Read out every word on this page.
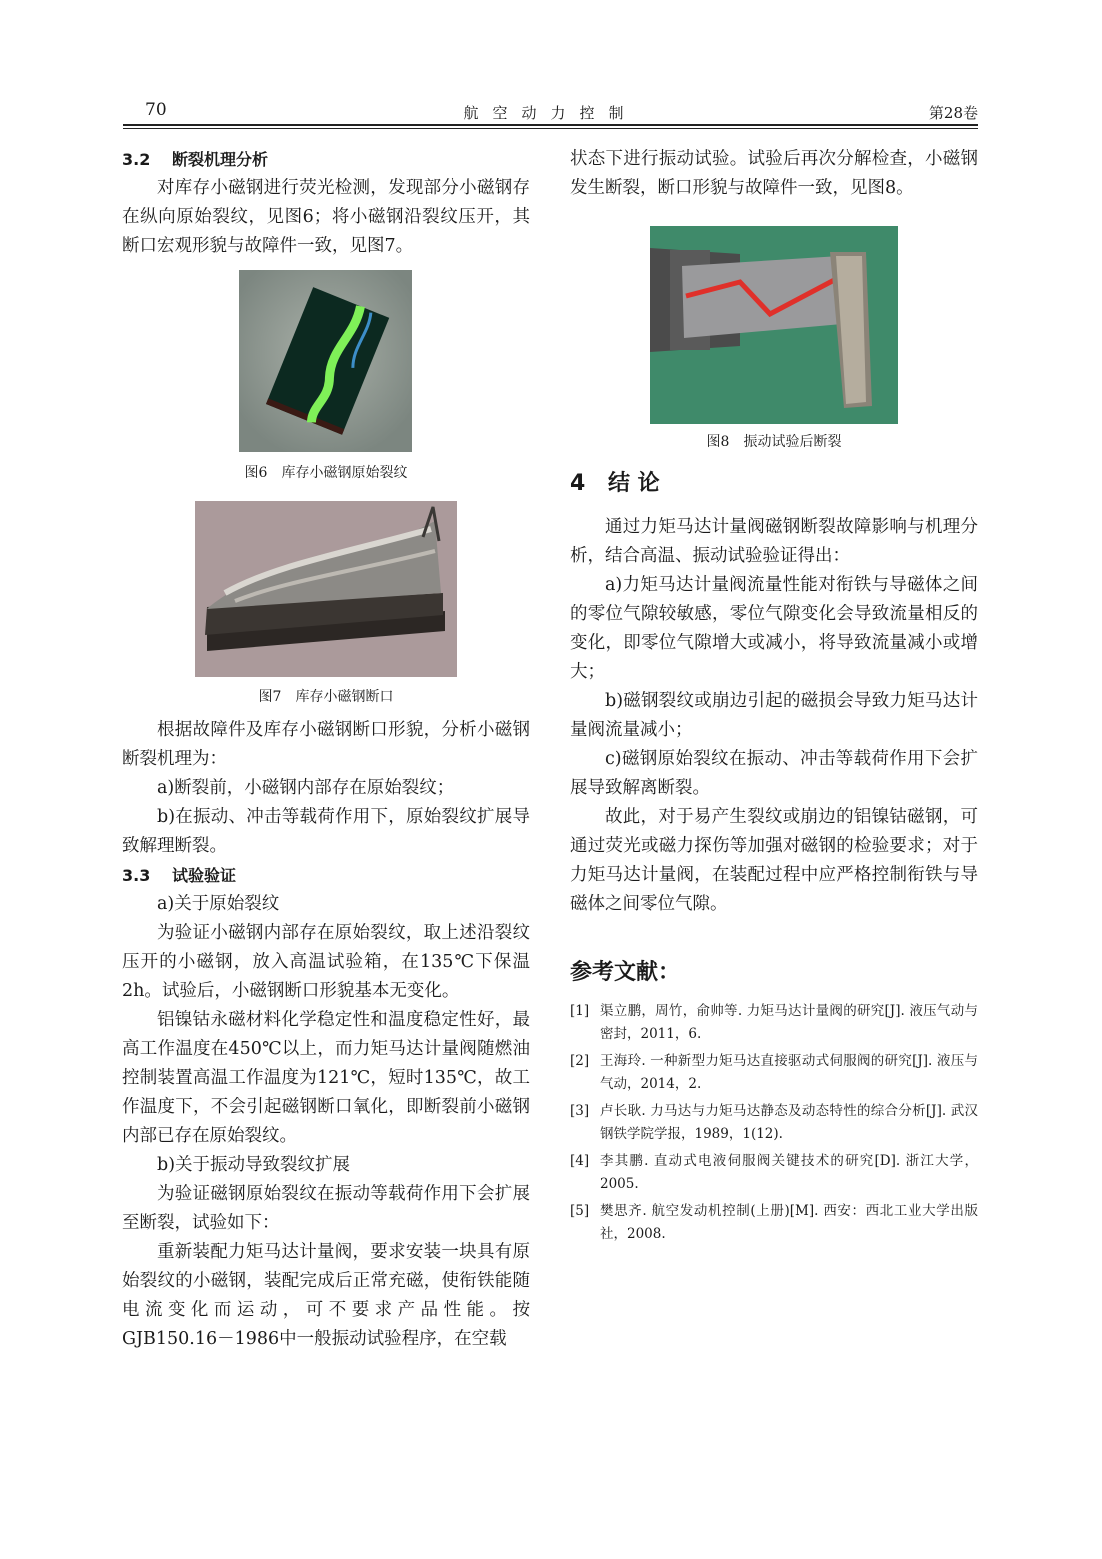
70	航空动力控制	第28卷

3.2 断裂机理分析

对库存小磁钢进行荧光检测，发现部分小磁钢存在纵向原始裂纹，见图6；将小磁钢沿裂纹压开，其断口宏观形貌与故障件一致，见图7。

图6　库存小磁钢原始裂纹
图7　库存小磁钢断口

根据故障件及库存小磁钢断口形貌，分析小磁钢断裂机理为：

a)断裂前，小磁钢内部存在原始裂纹；

b)在振动、冲击等载荷作用下，原始裂纹扩展导致解理断裂。

3.3 试验验证

a)关于原始裂纹

为验证小磁钢内部存在原始裂纹，取上述沿裂纹压开的小磁钢，放入高温试验箱，在135℃下保温2h。试验后，小磁钢断口形貌基本无变化。

铝镍钴永磁材料化学稳定性和温度稳定性好，最高工作温度在450℃以上，而力矩马达计量阀随燃油控制装置高温工作温度为121℃，短时135℃，故工作温度下，不会引起磁钢断口氧化，即断裂前小磁钢内部已存在原始裂纹。

b)关于振动导致裂纹扩展

为验证磁钢原始裂纹在振动等载荷作用下会扩展至断裂，试验如下：

重新装配力矩马达计量阀，要求安装一块具有原始裂纹的小磁钢，装配完成后正常充磁，使衔铁能随电流变化而运动，可不要求产品性能。按GJB150.16－1986中一般振动试验程序，在空载

状态下进行振动试验。试验后再次分解检查，小磁钢发生断裂，断口形貌与故障件一致，见图8。

图8　振动试验后断裂

4 结 论

通过力矩马达计量阀磁钢断裂故障影响与机理分析，结合高温、振动试验验证得出：

a)力矩马达计量阀流量性能对衔铁与导磁体之间的零位气隙较敏感，零位气隙变化会导致流量相反的变化，即零位气隙增大或减小，将导致流量减小或增大；

b)磁钢裂纹或崩边引起的磁损会导致力矩马达计量阀流量减小；

c)磁钢原始裂纹在振动、冲击等载荷作用下会扩展导致解离断裂。

故此，对于易产生裂纹或崩边的铝镍钴磁钢，可通过荧光或磁力探伤等加强对磁钢的检验要求；对于力矩马达计量阀，在装配过程中应严格控制衔铁与导磁体之间零位气隙。

参考文献：

[1] 渠立鹏，周竹，俞帅等. 力矩马达计量阀的研究[J]. 液压气动与密封，2011，6.

[2] 王海玲. 一种新型力矩马达直接驱动式伺服阀的研究[J]. 液压与气动，2014，2.

[3] 卢长耿. 力马达与力矩马达静态及动态特性的综合分析[J]. 武汉钢铁学院学报，1989，1(12).

[4] 李其鹏. 直动式电液伺服阀关键技术的研究[D]. 浙江大学，2005.

[5] 樊思齐. 航空发动机控制(上册)[M]. 西安：西北工业大学出版社，2008.
